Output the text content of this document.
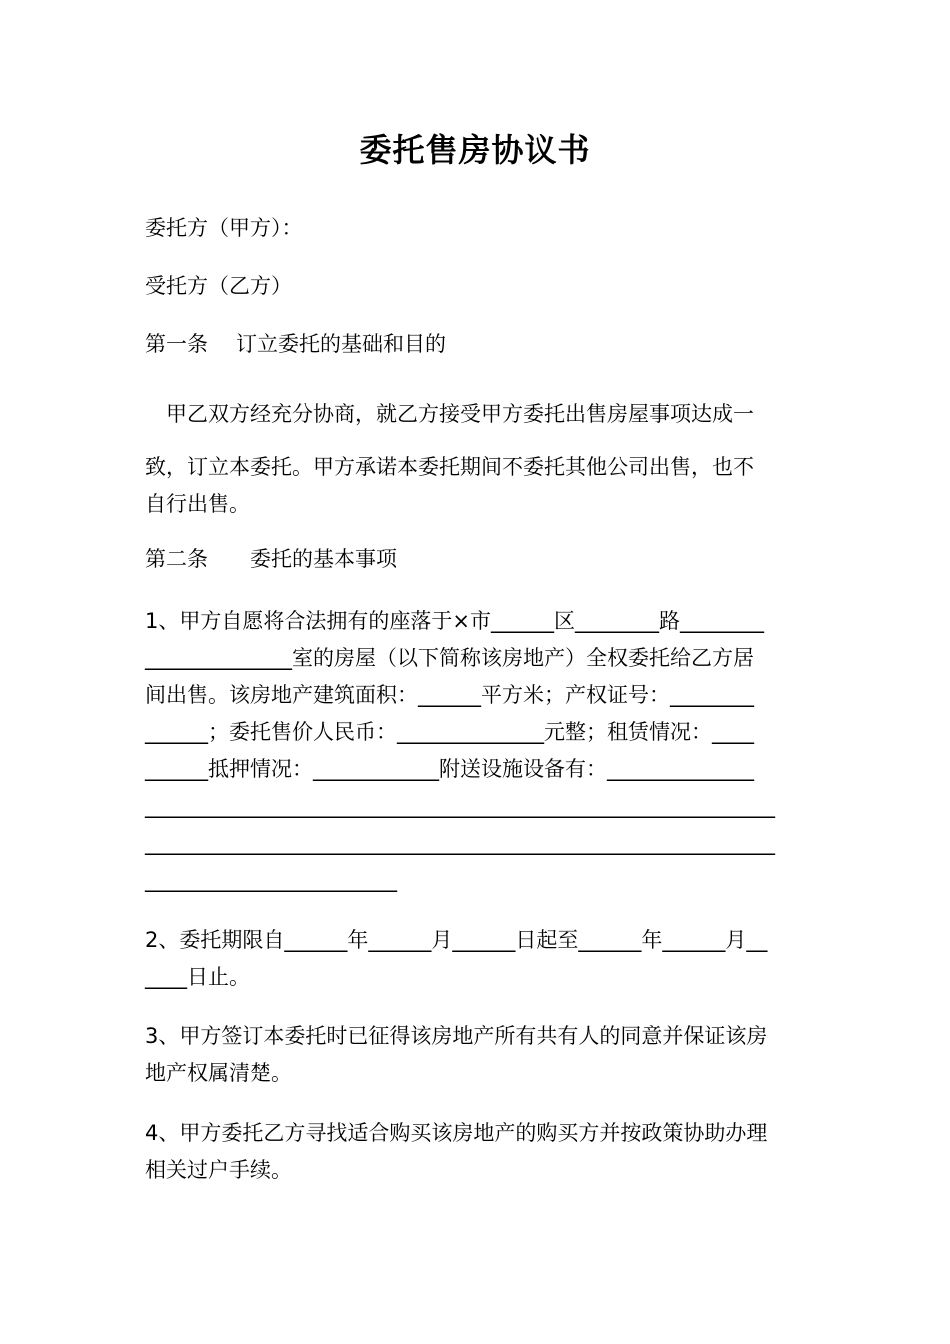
委托售房协议书
委托方（甲方）：
受托方（乙方）
第一条 订立委托的基础和目的
　甲乙双方经充分协商，就乙方接受甲方委托出售房屋事项达成一
致，订立本委托。甲方承诺本委托期间不委托其他公司出售，也不
自行出售。
第二条 委托的基本事项
1、甲方自愿将合法拥有的座落于×市______区________路________
______________室的房屋（以下简称该房地产）全权委托给乙方居
间出售。该房地产建筑面积：______平方米；产权证号：________
______；委托售价人民币：______________元整；租赁情况：____
______抵押情况：____________附送设施设备有：______________
____________________________________________________________
____________________________________________________________
________________________
2、委托期限自______年______月______日起至______年______月__
____日止。
3、甲方签订本委托时已征得该房地产所有共有人的同意并保证该房
地产权属清楚。
4、甲方委托乙方寻找适合购买该房地产的购买方并按政策协助办理
相关过户手续。
